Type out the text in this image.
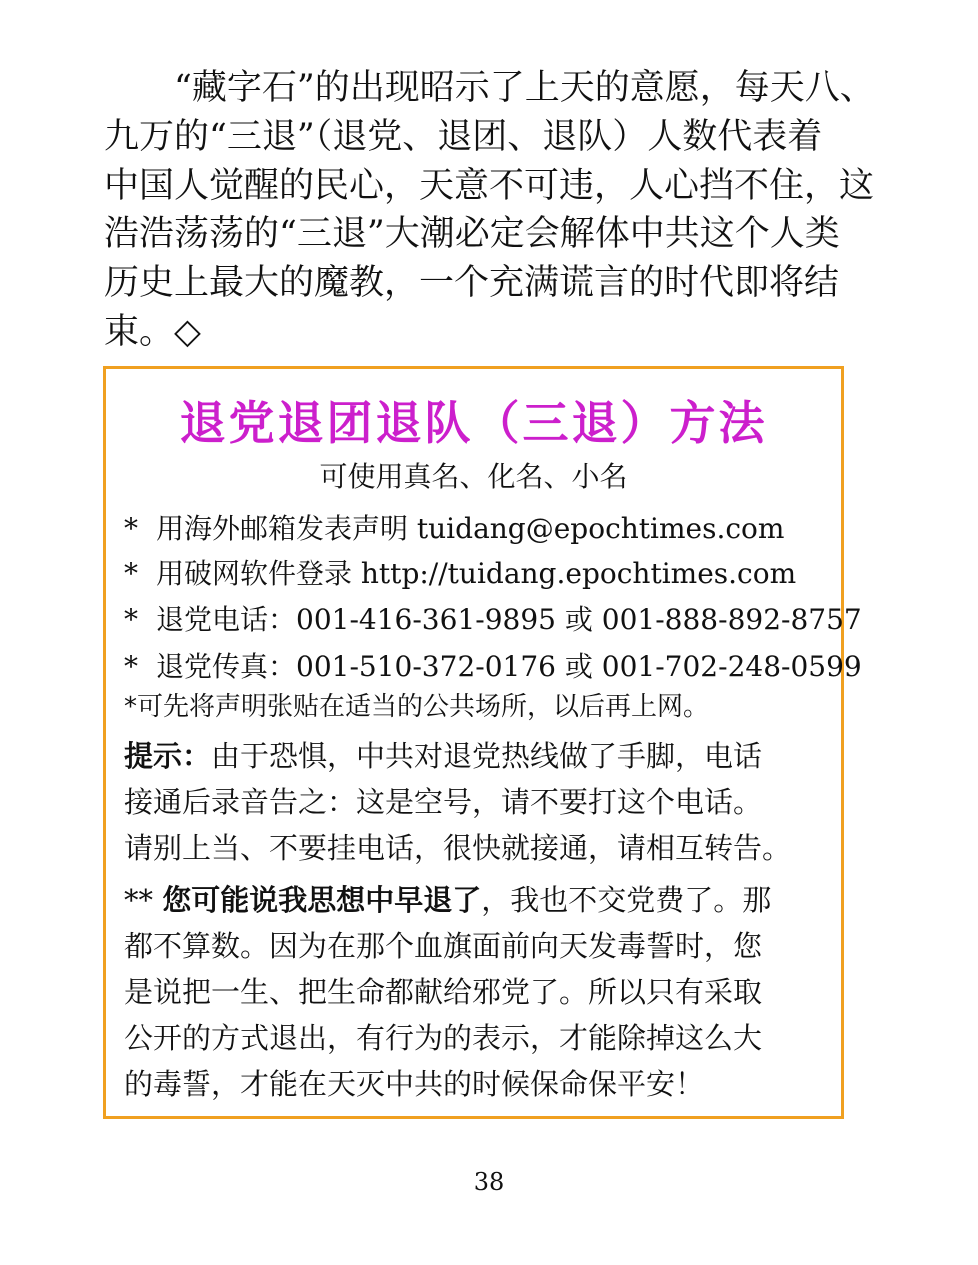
　　“藏字石”的出现昭示了上天的意愿，每天八、
九万的“三退”（退党、退团、退队）人数代表着
中国人觉醒的民心，天意不可违，人心挡不住，这
浩浩荡荡的“三退”大潮必定会解体中共这个人类
历史上最大的魔教，一个充满谎言的时代即将结
束。◇
退党退团退队（三退）方法
可使用真名、化名、小名
* 用海外邮箱发表声明 tuidang@epochtimes.com
* 用破网软件登录 http://tuidang.epochtimes.com
* 退党电话：001-416-361-9895 或 001-888-892-8757
* 退党传真：001-510-372-0176 或 001-702-248-0599
*可先将声明张贴在适当的公共场所，以后再上网。
提示：由于恐惧，中共对退党热线做了手脚，电话
接通后录音告之：这是空号，请不要打这个电话。
请别上当、不要挂电话，很快就接通，请相互转告。
** 您可能说我思想中早退了，我也不交党费了。那
都不算数。因为在那个血旗面前向天发毒誓时，您
是说把一生、把生命都献给邪党了。所以只有采取
公开的方式退出，有行为的表示，才能除掉这么大
的毒誓，才能在天灭中共的时候保命保平安！
38
